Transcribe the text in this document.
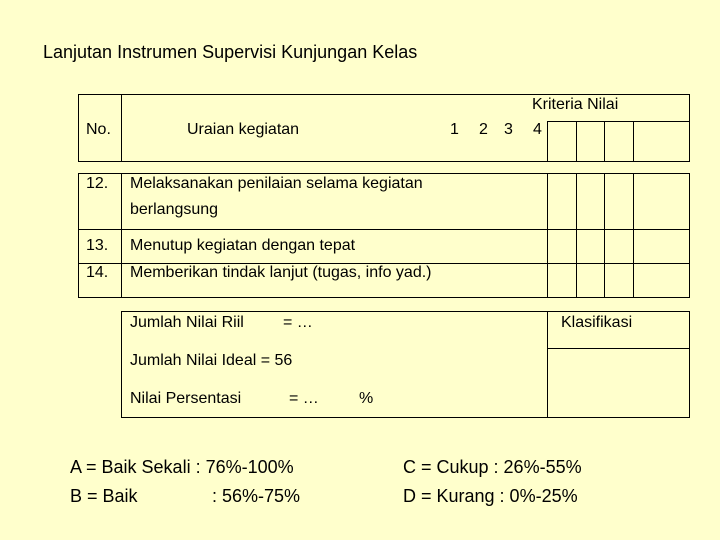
Lanjutan Instrumen Supervisi Kunjungan Kelas
No.	Uraian kegiatan
Kriteria Nilai
1 2 3 4
12. Melaksanakan penilaian selama kegiatan
berlangsung
13. Menutup kegiatan dengan tepat
14. Memberikan tindak lanjut (tugas, info yad.)
Jumlah Nilai Riil = …	Klasifikasi
Jumlah Nilai Ideal = 56
Nilai Persentasi	= …	%
A = Baik Sekali : 76%-100%
B = Baik	: 56%-75%
C = Cukup : 26%-55%
D = Kurang : 0%-25%
